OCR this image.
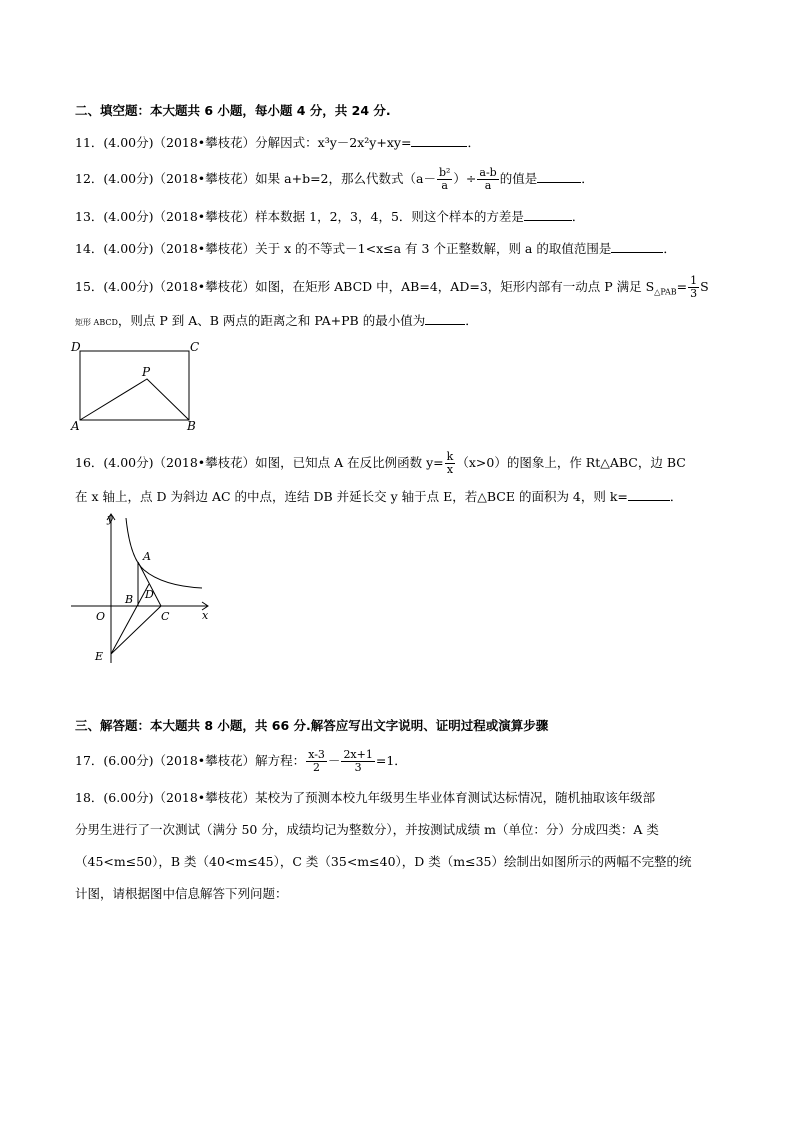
二、填空题：本大题共 6 小题，每小题 4 分，共 24 分.
11．(4.00分)（2018•攀枝花）分解因式：x³y－2x²y+xy=	．
12．(4.00分)（2018•攀枝花）如果 a+b=2，那么代数式（$a- \frac{\text{b²}}{a}$ ）÷ $\frac{a-b}{a}$ 的值是	．
13．(4.00分)（2018•攀枝花）样本数据 1，2，3，4，5．则这个样本的方差是	．
14．(4.00分)（2018•攀枝花）关于 x 的不等式－1<x≤a 有 3 个正整数解，则 a 的取值范围是	．
15．(4.00分)（2018•攀枝花）如图，在矩形 ABCD 中，AB=4，AD=3，矩形内部有一动点 P 满足 $S_{\triangle PAB}= \frac{1}{3}$ S
矩形 ABCD，则点 P 到 A、B 两点的距离之和 PA+PB 的最小值为	．
D	C
P
A	B
16．(4.00分)（2018•攀枝花）如图，已知点 A 在反比例函数 $y= \frac{k}{x} (x>0)$的图象上，作 Rt△ABC，边 BC
在 x 轴上，点 D 为斜边 AC 的中点，连结 DB 并延长交 y 轴于点 E，若△BCE 的面积为 4，则 k=	．
y
A
B D
O	C	x
E
三、解答题：本大题共 8 小题，共 66 分.解答应写出文字说明、证明过程或演算步骤
17．(6.00分)（2018•攀枝花）解方程： $\frac{x-3}{2} - \frac{2x+1}{3} =1$．
18．(6.00分)（2018•攀枝花）某校为了预测本校九年级男生毕业体育测试达标情况，随机抽取该年级部
分男生进行了一次测试（满分 50 分，成绩均记为整数分），并按测试成绩 m（单位：分）分成四类：A 类
（45<m≤50），B 类（40<m≤45），C 类（35<m≤40），D 类（m≤35）绘制出如图所示的两幅不完整的统
计图，请根据图中信息解答下列问题：
